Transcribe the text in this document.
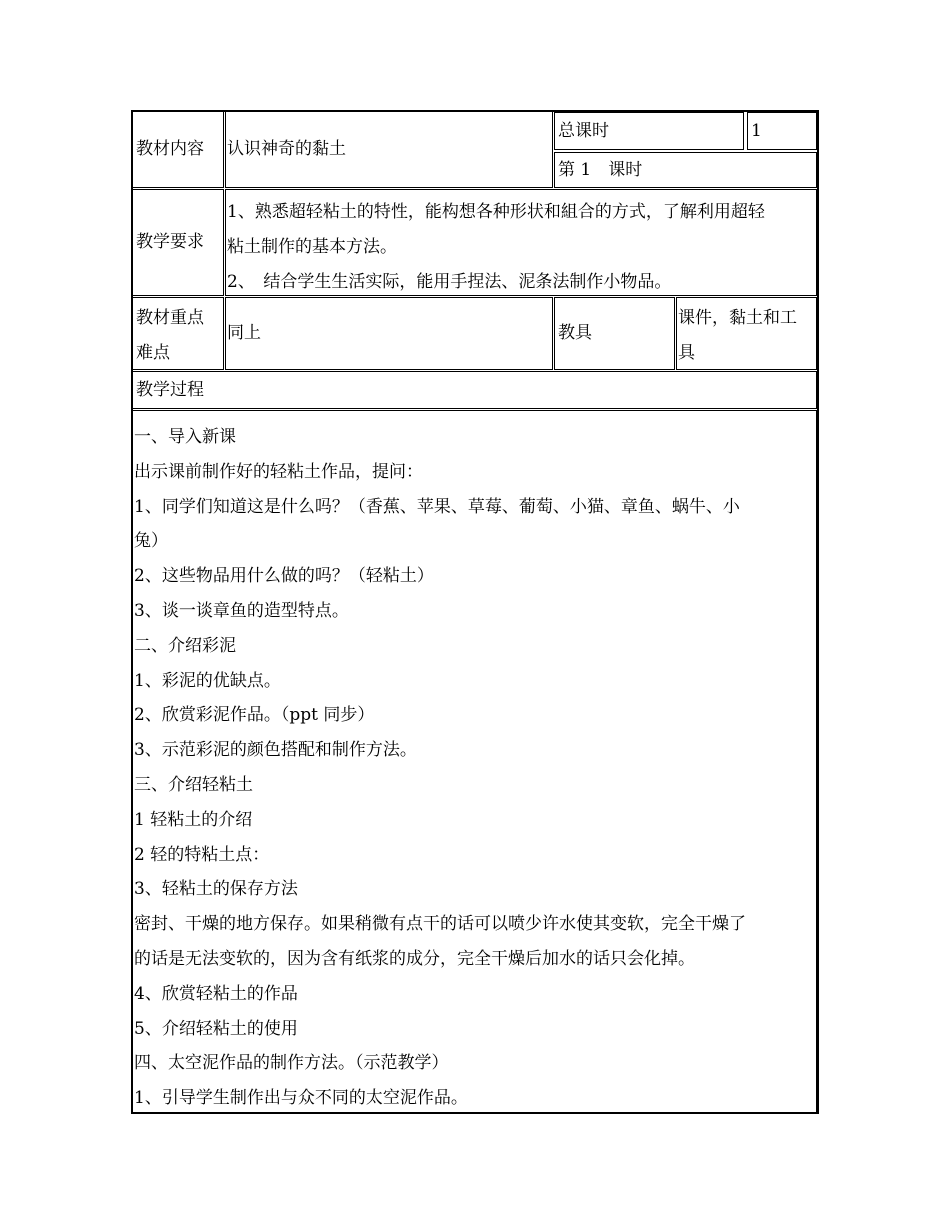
教材内容 认识神奇的黏土
总课时	1
第 1　课时
教学要求
1、熟悉超轻粘土的特性，能构想各种形状和組合的方式，了解利用超轻
粘土制作的基本方法。
2、　结合学生生活实际，能用手捏法、泥条法制作小物品。
教材重点
难点
同上	教具
课件，黏土和工
具
教学过程
一、导入新课
出示课前制作好的轻粘土作品，提问：
1、同学们知道这是什么吗？（香蕉、苹果、草莓、葡萄、小猫、章鱼、蜗牛、小
兔）
2、这些物品用什么做的吗？（轻粘土）
3、谈一谈章鱼的造型特点。
二、介绍彩泥
1、彩泥的优缺点。
2、欣赏彩泥作品。（ppt 同步）
3、示范彩泥的颜色搭配和制作方法。
三、介绍轻粘土
1 轻粘土的介绍
2 轻的特粘土点：
3、轻粘土的保存方法
密封、干燥的地方保存。如果稍微有点干的话可以喷少许水使其变软，完全干燥了
的话是无法变软的，因为含有纸浆的成分，完全干燥后加水的话只会化掉。
4、欣赏轻粘土的作品
5、介绍轻粘土的使用
四、太空泥作品的制作方法。（示范教学）
1、引导学生制作出与众不同的太空泥作品。
